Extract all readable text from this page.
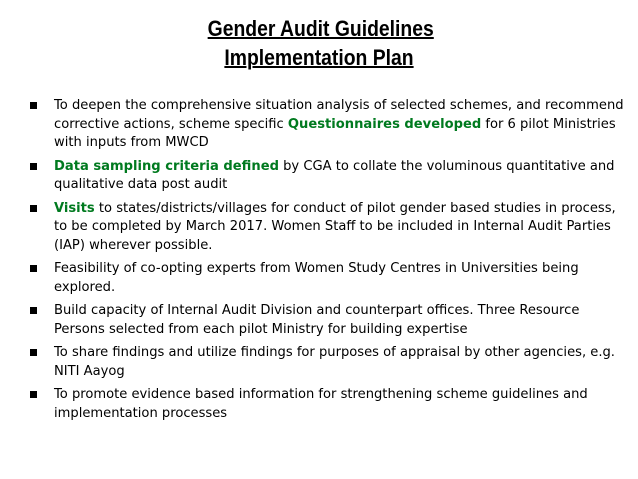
Gender Audit Guidelines
Implementation Plan
To deepen the comprehensive situation analysis of selected schemes, and recommend corrective actions, scheme specific Questionnaires developed for 6 pilot Ministries with inputs from MWCD
Data sampling criteria defined by CGA to collate the voluminous quantitative and qualitative data post audit
Visits to states/districts/villages for conduct of pilot gender based studies in process, to be completed by March 2017. Women Staff to be included in Internal Audit Parties (IAP) wherever possible.
Feasibility of co-opting experts from Women Study Centres in Universities being explored.
Build capacity of Internal Audit Division and counterpart offices. Three Resource Persons selected from each pilot Ministry for building expertise
To share findings and utilize findings for purposes of appraisal by other agencies, e.g. NITI Aayog
To promote evidence based information for strengthening scheme guidelines and implementation processes
